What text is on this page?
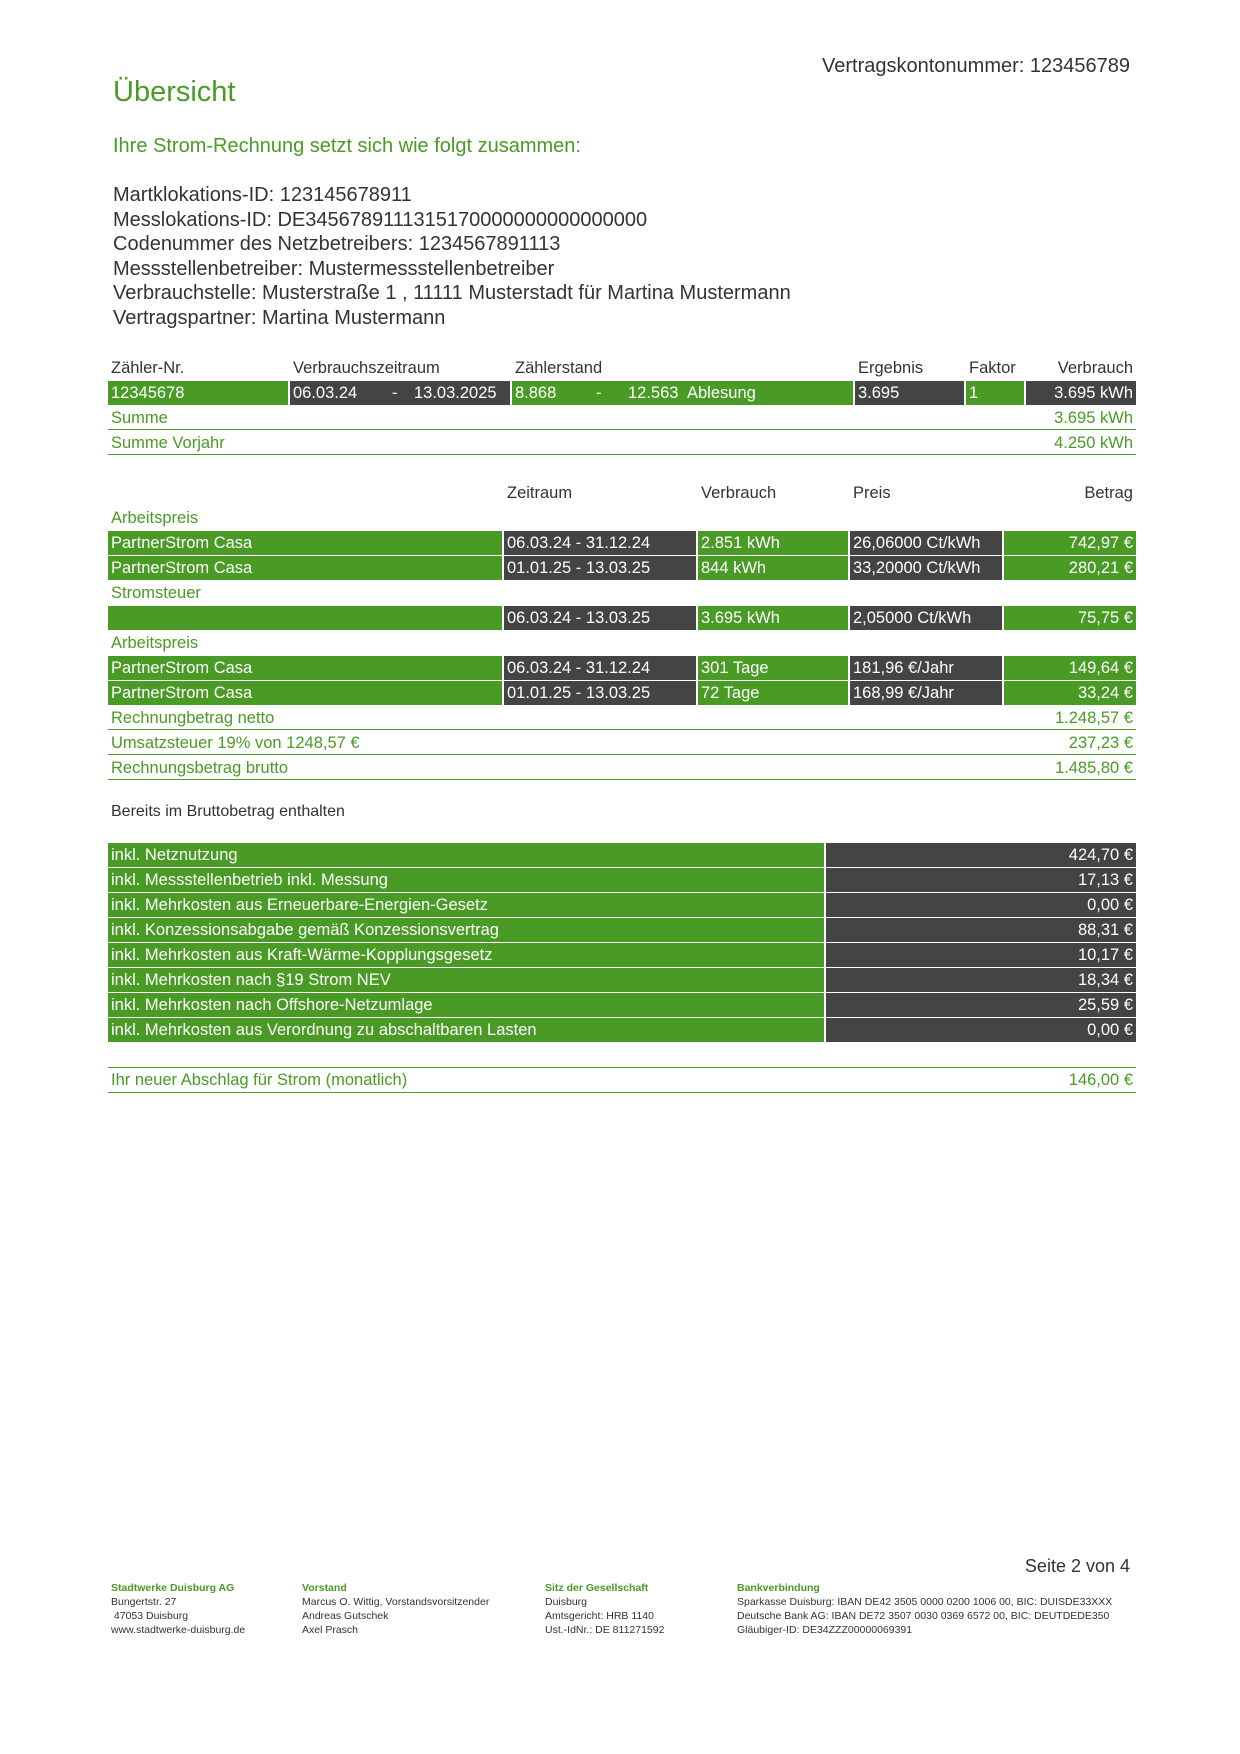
Vertragskontonummer: 123456789
Übersicht
Ihre Strom-Rechnung setzt sich wie folgt zusammen:
Martklokations-ID: 123145678911
Messlokations-ID: DE3456789111315170000000000000000
Codenummer des Netzbetreibers: 1234567891113
Messstellenbetreiber: Mustermessstellenbetreiber
Verbrauchstelle: Musterstraße 1 , 11111 Musterstadt für Martina Mustermann
Vertragspartner: Martina Mustermann
Zähler-Nr.	Verbrauchszeitraum	Zählerstand	Ergebnis	Faktor	Verbrauch
12345678	06.03.24 - 13.03.2025 8.868 - 12.563 Ablesung	3.695	1	3.695 kWh
Summe	3.695 kWh
Summe Vorjahr	4.250 kWh
Zeitraum	Verbrauch	Preis	Betrag
Arbeitspreis
PartnerStrom Casa	06.03.24 - 31.12.24	2.851 kWh	26,06000 Ct/kWh	742,97 €
PartnerStrom Casa	01.01.25 - 13.03.25	844 kWh	33,20000 Ct/kWh	280,21 €
Stromsteuer
06.03.24 - 13.03.25	3.695 kWh	2,05000 Ct/kWh	75,75 €
Arbeitspreis
PartnerStrom Casa	06.03.24 - 31.12.24	301 Tage	181,96 €/Jahr	149,64 €
PartnerStrom Casa	01.01.25 - 13.03.25	72 Tage	168,99 €/Jahr	33,24 €
Rechnungbetrag netto	1.248,57 €
Umsatzsteuer 19% von 1248,57 €	237,23 €
Rechnungsbetrag brutto	1.485,80 €
Bereits im Bruttobetrag enthalten
inkl. Netznutzung	424,70 €
inkl. Messstellenbetrieb inkl. Messung	17,13 €
inkl. Mehrkosten aus Erneuerbare-Energien-Gesetz	0,00 €
inkl. Konzessionsabgabe gemäß Konzessionsvertrag	88,31 €
inkl. Mehrkosten aus Kraft-Wärme-Kopplungsgesetz	10,17 €
inkl. Mehrkosten nach §19 Strom NEV	18,34 €
inkl. Mehrkosten nach Offshore-Netzumlage	25,59 €
inkl. Mehrkosten aus Verordnung zu abschaltbaren Lasten	0,00 €
Ihr neuer Abschlag für Strom (monatlich)	146,00 €
Seite 2 von 4
Stadtwerke Duisburg AG
Bungertstr. 27
47053 Duisburg
www.stadtwerke-duisburg.de
Vorstand
Marcus O. Wittig, Vorstandsvorsitzender
Andreas Gutschek
Axel Prasch
Sitz der Gesellschaft
Duisburg
Amtsgericht: HRB 1140
Ust.-IdNr.: DE 811271592
Bankverbindung
Sparkasse Duisburg: IBAN DE42 3505 0000 0200 1006 00, BIC: DUISDE33XXX
Deutsche Bank AG: IBAN DE72 3507 0030 0369 6572 00, BIC: DEUTDEDE350
Gläubiger-ID: DE34ZZZ00000069391
